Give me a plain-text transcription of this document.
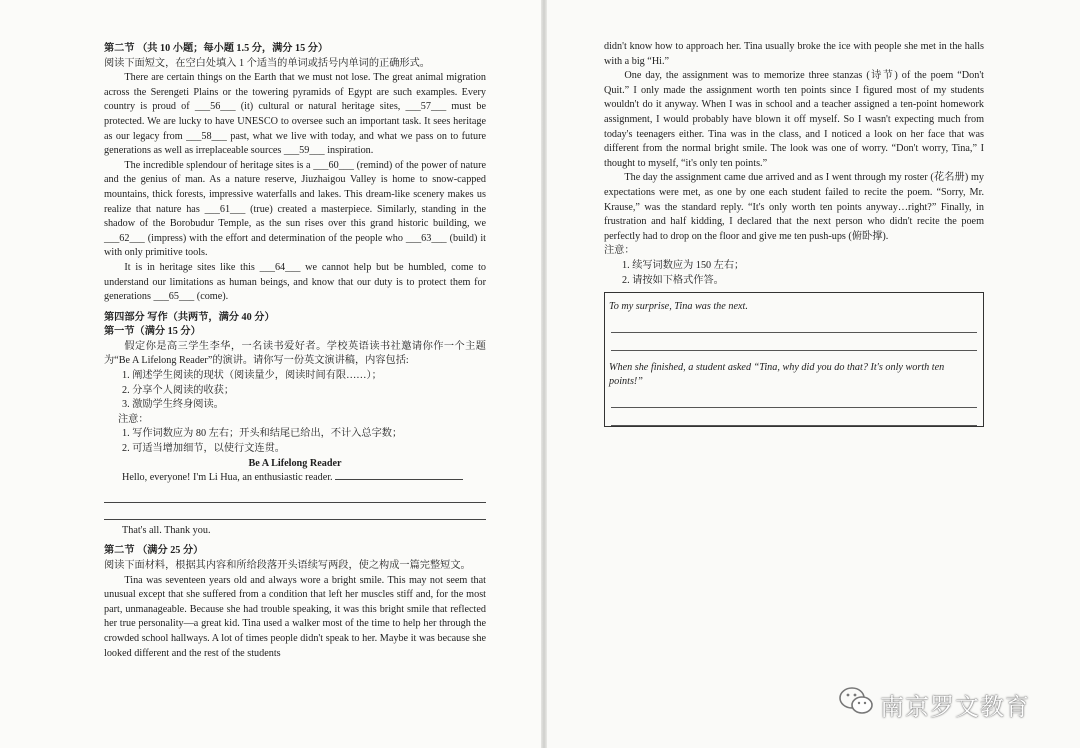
第二节 （共 10 小题；每小题 1.5 分，满分 15 分）

阅读下面短文，在空白处填入 1 个适当的单词或括号内单词的正确形式。

There are certain things on the Earth that we must not lose. The great animal migration across the Serengeti Plains or the towering pyramids of Egypt are such examples. Every country is proud of ___56___ (it) cultural or natural heritage sites, ___57___ must be protected. We are lucky to have UNESCO to oversee such an important task. It sees heritage as our legacy from ___58___ past, what we live with today, and what we pass on to future generations as well as irreplaceable sources ___59___ inspiration.

The incredible splendour of heritage sites is a ___60___ (remind) of the power of nature and the genius of man. As a nature reserve, Jiuzhaigou Valley is home to snow-capped mountains, thick forests, impressive waterfalls and lakes. This dream-like scenery makes us realize that nature has ___61___ (true) created a masterpiece. Similarly, standing in the shadow of the Borobudur Temple, as the sun rises over this grand historic building, we ___62___ (impress) with the effort and determination of the people who ___63___ (build) it with only primitive tools.

It is in heritage sites like this ___64___ we cannot help but be humbled, come to understand our limitations as human beings, and know that our duty is to protect them for generations ___65___ (come).

第四部分 写作（共两节，满分 40 分）

第一节（满分 15 分）

假定你是高三学生李华，一名读书爱好者。学校英语读书社邀请你作一个主题为“Be A Lifelong Reader”的演讲。请你写一份英文演讲稿，内容包括:

1. 阐述学生阅读的现状（阅读量少，阅读时间有限……）；

2. 分享个人阅读的收获；

3. 激励学生终身阅读。

注意：

1. 写作词数应为 80 左右；开头和结尾已给出，不计入总字数；

2. 可适当增加细节，以使行文连贯。

Be A Lifelong Reader

Hello, everyone! I'm Li Hua, an enthusiastic reader.

That's all. Thank you.

第二节 （满分 25 分）

阅读下面材料，根据其内容和所给段落开头语续写两段，使之构成一篇完整短文。

Tina was seventeen years old and always wore a bright smile. This may not seem that unusual except that she suffered from a condition that left her muscles stiff and, for the most part, unmanageable. Because she had trouble speaking, it was this bright smile that reflected her true personality—a great kid. Tina used a walker most of the time to help her through the crowded school hallways. A lot of times people didn't speak to her. Maybe it was because she looked different and the rest of the students

didn't know how to approach her. Tina usually broke the ice with people she met in the halls with a big “Hi.”

One day, the assignment was to memorize three stanzas (诗节) of the poem “Don't Quit.” I only made the assignment worth ten points since I figured most of my students wouldn't do it anyway. When I was in school and a teacher assigned a ten-point homework assignment, I would probably have blown it off myself. So I wasn't expecting much from today's teenagers either. Tina was in the class, and I noticed a look on her face that was different from the normal bright smile. The look was one of worry. “Don't worry, Tina,” I thought to myself, “it's only ten points.”

The day the assignment came due arrived and as I went through my roster (花名册) my expectations were met, as one by one each student failed to recite the poem. “Sorry, Mr. Krause,” was the standard reply. “It's only worth ten points anyway…right?” Finally, in frustration and half kidding, I declared that the next person who didn't recite the poem perfectly had to drop on the floor and give me ten push-ups (俯卧撑).

注意：

1. 续写词数应为 150 左右；

2. 请按如下格式作答。

To my surprise, Tina was the next.

When she finished, a student asked “Tina, why did you do that? It's only worth ten points!”

南京罗文教育
